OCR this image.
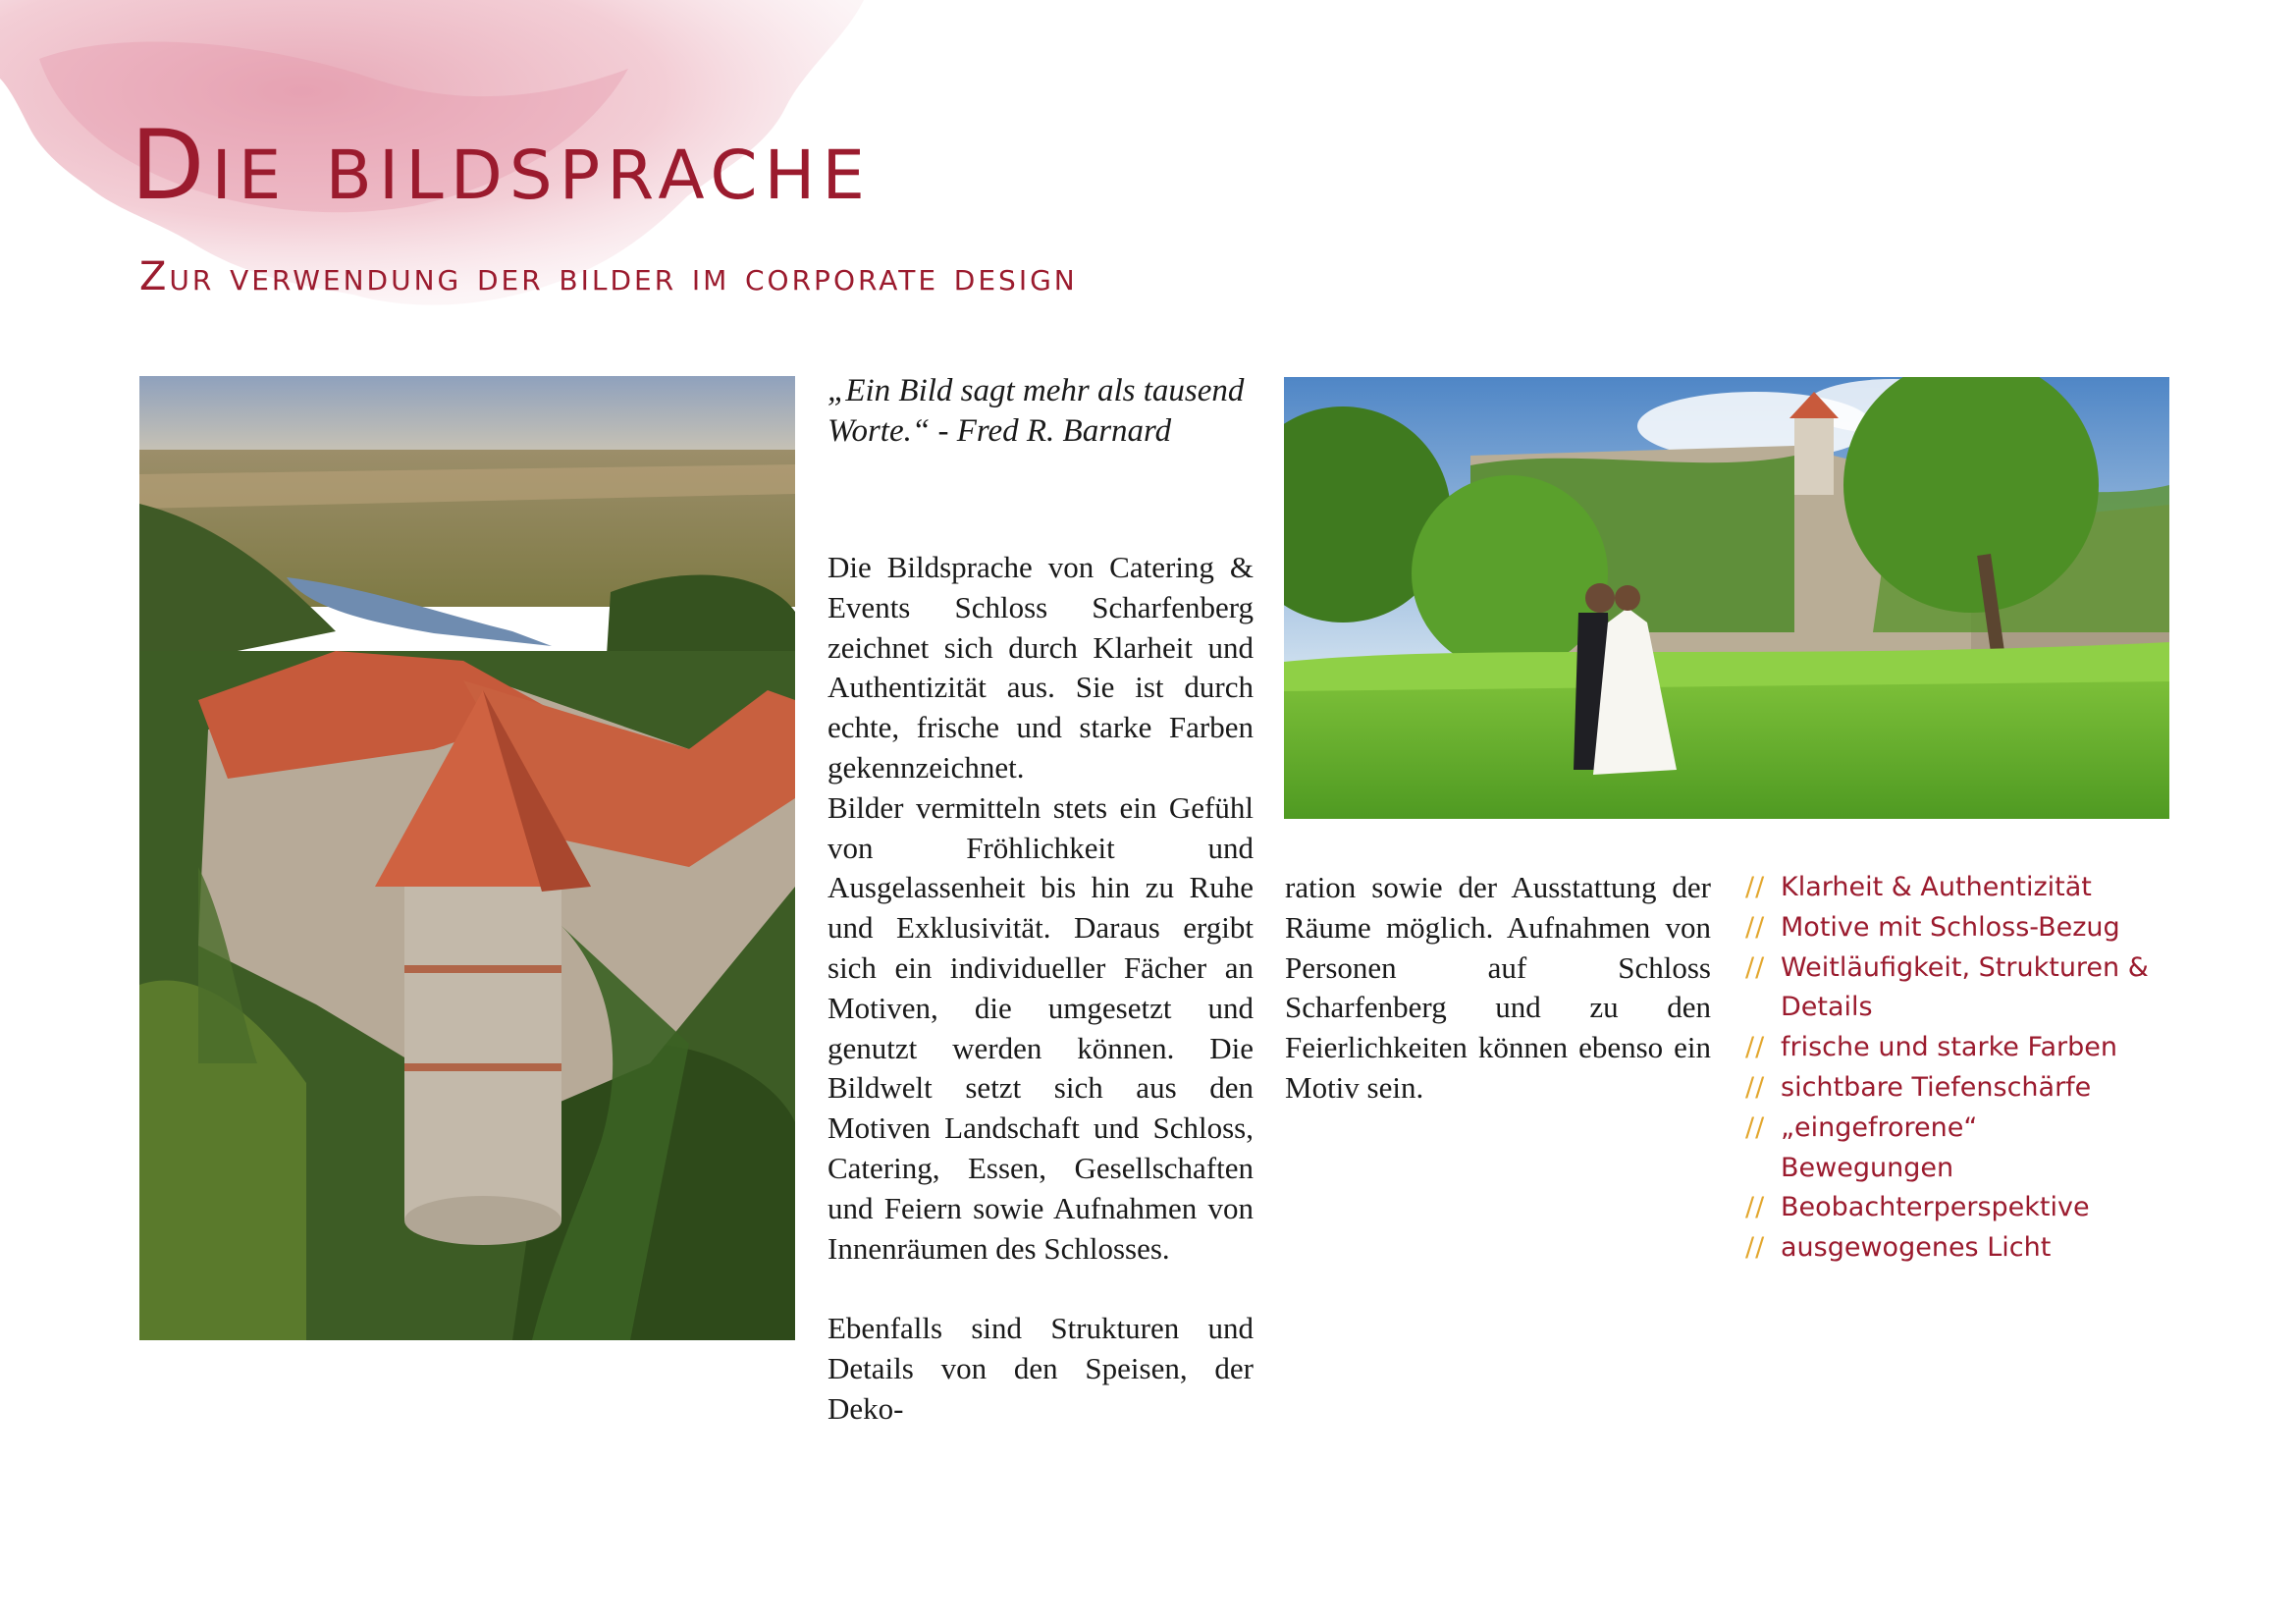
Die bildsprache
Zur verwendung der bilder im corporate design

„Ein Bild sagt mehr als tausend Worte.“ - Fred R. Barnard

Die Bildsprache von Catering & Events Schloss Scharfenberg zeichnet sich durch Klarheit und Authentizität aus. Sie ist durch echte, frische und starke Farben gekennzeichnet.

Bilder vermitteln stets ein Gefühl von Fröhlichkeit und Ausgelassenheit bis hin zu Ruhe und Exklusivität. Daraus ergibt sich ein individueller Fächer an Motiven, die umgesetzt und genutzt werden können. Die Bildwelt setzt sich aus den Motiven Landschaft und Schloss, Catering, Essen, Gesellschaften und Feiern sowie Aufnahmen von Innenräumen des Schlosses.

Ebenfalls sind Strukturen und Details von den Speisen, der Deko-

ration sowie der Ausstattung der Räume möglich. Aufnahmen von Personen auf Schloss Scharfenberg und zu den Feierlichkeiten können ebenso ein Motiv sein.

// Klarheit & Authentizität
// Motive mit Schloss-Bezug
// Weitläufigkeit, Strukturen & Details
// frische und starke Farben
// sichtbare Tiefenschärfe
// „eingefrorene“ Bewegungen
// Beobachterperspektive
// ausgewogenes Licht
